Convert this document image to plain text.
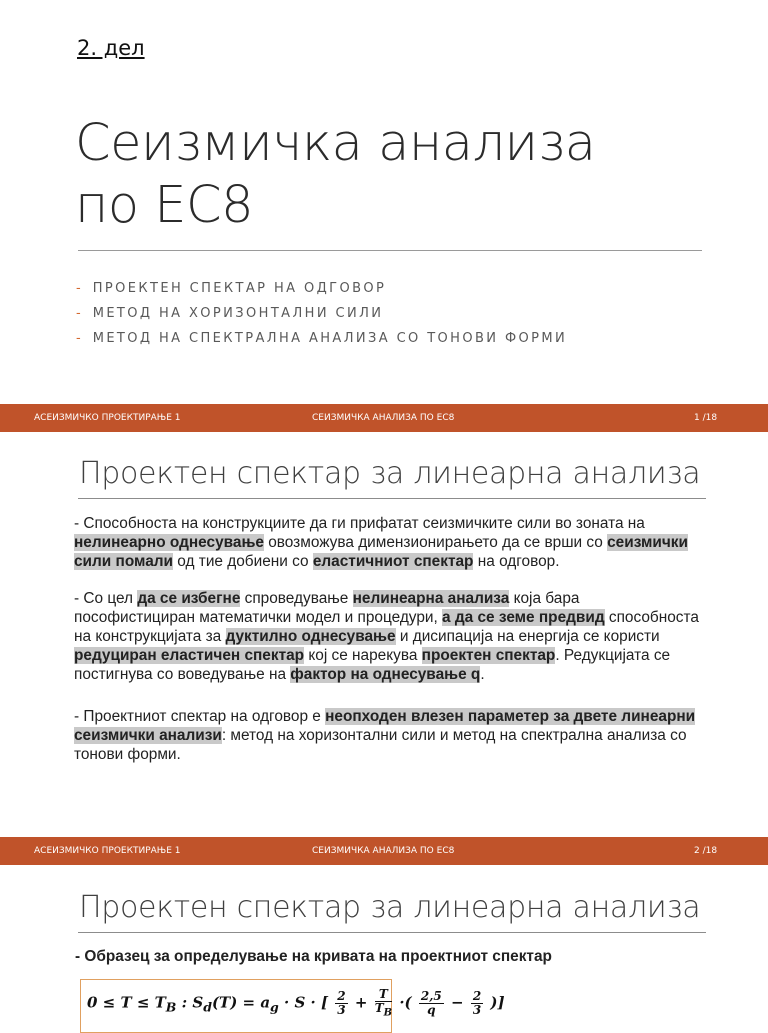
2. дел
Сеизмичка анализа
по EC8
- ПРОЕКТЕН СПЕКТАР НА ОДГОВОР
- МЕТОД НА ХОРИЗОНТАЛНИ СИЛИ
- МЕТОД НА СПЕКТРАЛНА АНАЛИЗА СО ТОНОВИ ФОРМИ
АСЕИЗМИЧКО ПРОЕКТИРАЊЕ 1	СЕИЗМИЧКА АНАЛИЗА ПО EC8	1 /18
Проектен спектар за линеарна анализа

- Способноста на конструкциите да ги прифатат сеизмичките сили во зоната на нелинеарно однесување овозможува димензионирањето да се врши со сеизмички сили помали од тие добиени со еластичниот спектар на одговор.

- Со цел да се избегне спроведување нелинеарна анализа која бара пософистициран математички модел и процедури, а да се земе предвид способноста на конструкцијата за дуктилно однесување и дисипација на енергија се користи редуциран еластичен спектар кој се нарекува проектен спектар. Редукцијата се постигнува со воведување на фактор на однесување q.

- Проектниот спектар на одговор е неопходен влезен параметер за двете линеарни сеизмички анализи: метод на хоризонтални сили и метод на спектрална анализа со тонови форми.

АСЕИЗМИЧКО ПРОЕКТИРАЊЕ 1	СЕИЗМИЧКА АНАЛИЗА ПО EC8	2 /18
Проектен спектар за линеарна анализа
- Образец за определување на кривата на проектниот спектар
$0 \le T \le T_B$ : $S_d(T) = a_g \cdot S$ · [ $\frac{2}{3} + \frac{T}{T_B}$ ·( $\frac{2,5}{q} - \frac{2}{3}$ )]
